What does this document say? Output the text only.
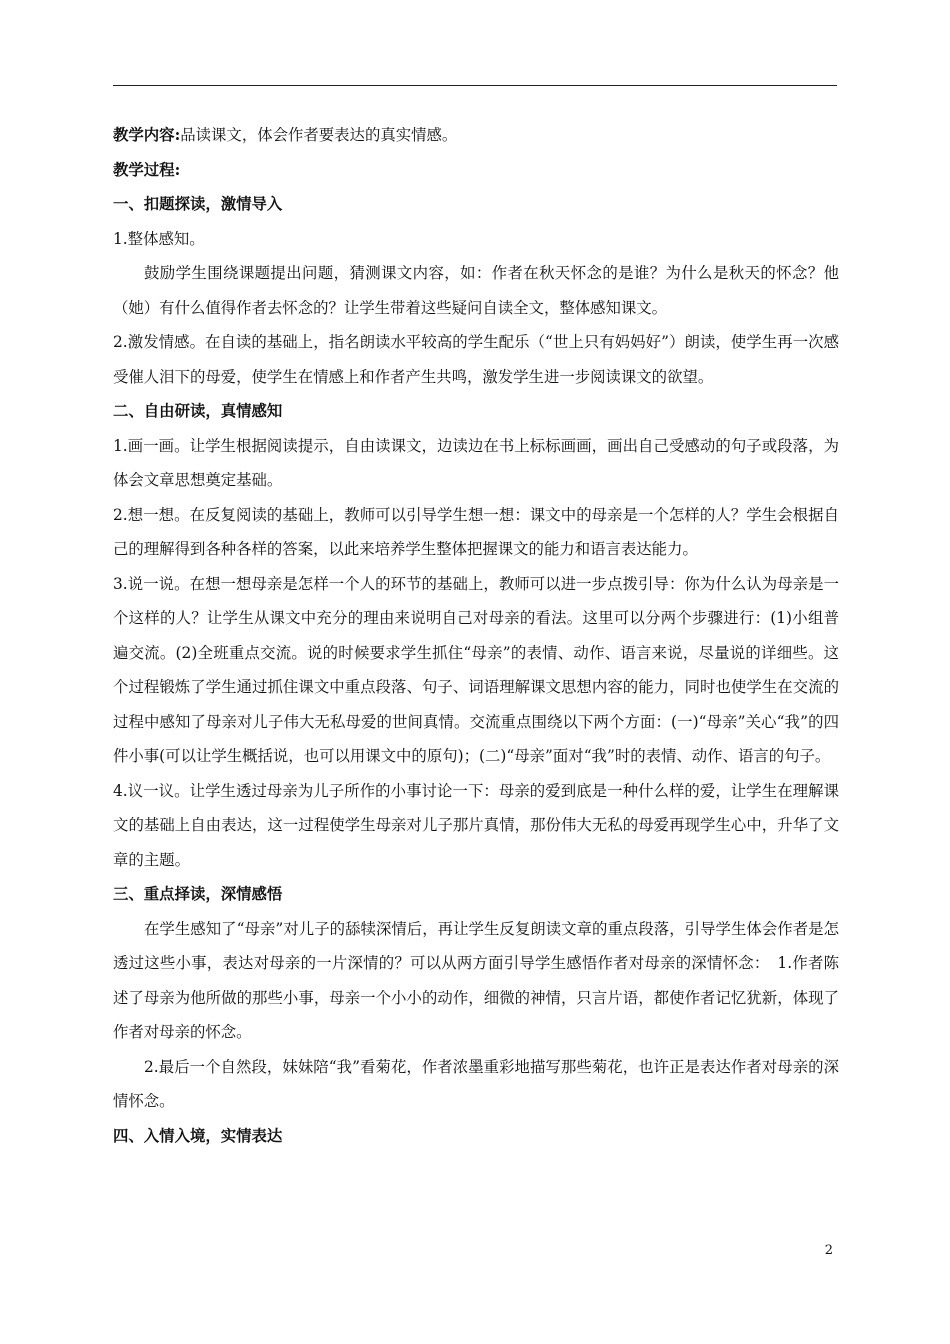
教学内容:品读课文，体会作者要表达的真实情感。

教学过程:

一、扣题探读，激情导入

1.整体感知。

鼓励学生围绕课题提出问题，猜测课文内容，如：作者在秋天怀念的是谁？为什么是秋天的怀念？他（她）有什么值得作者去怀念的？让学生带着这些疑问自读全文，整体感知课文。

2.激发情感。在自读的基础上，指名朗读水平较高的学生配乐（“世上只有妈妈好”）朗读，使学生再一次感受催人泪下的母爱，使学生在情感上和作者产生共鸣，激发学生进一步阅读课文的欲望。

二、自由研读，真情感知

1.画一画。让学生根据阅读提示，自由读课文，边读边在书上标标画画，画出自己受感动的句子或段落，为体会文章思想奠定基础。

2.想一想。在反复阅读的基础上，教师可以引导学生想一想：课文中的母亲是一个怎样的人？学生会根据自己的理解得到各种各样的答案，以此来培养学生整体把握课文的能力和语言表达能力。

3.说一说。在想一想母亲是怎样一个人的环节的基础上，教师可以进一步点拨引导：你为什么认为母亲是一个这样的人？让学生从课文中充分的理由来说明自己对母亲的看法。这里可以分两个步骤进行：(1)小组普遍交流。(2)全班重点交流。说的时候要求学生抓住“母亲”的表情、动作、语言来说，尽量说的详细些。这个过程锻炼了学生通过抓住课文中重点段落、句子、词语理解课文思想内容的能力，同时也使学生在交流的过程中感知了母亲对儿子伟大无私母爱的世间真情。交流重点围绕以下两个方面：(一)“母亲”关心“我”的四件小事(可以让学生概括说，也可以用课文中的原句)；(二)“母亲”面对“我”时的表情、动作、语言的句子。

4.议一议。让学生透过母亲为儿子所作的小事讨论一下：母亲的爱到底是一种什么样的爱，让学生在理解课文的基础上自由表达，这一过程使学生母亲对儿子那片真情，那份伟大无私的母爱再现学生心中，升华了文章的主题。

三、重点择读，深情感悟

在学生感知了“母亲”对儿子的舔犊深情后，再让学生反复朗读文章的重点段落，引导学生体会作者是怎透过这些小事，表达对母亲的一片深情的？可以从两方面引导学生感悟作者对母亲的深情怀念：　1.作者陈述了母亲为他所做的那些小事，母亲一个小小的动作，细微的神情，只言片语，都使作者记忆犹新，体现了作者对母亲的怀念。

2.最后一个自然段，妹妹陪“我”看菊花，作者浓墨重彩地描写那些菊花，也许正是表达作者对母亲的深情怀念。

四、入情入境，实情表达

2
